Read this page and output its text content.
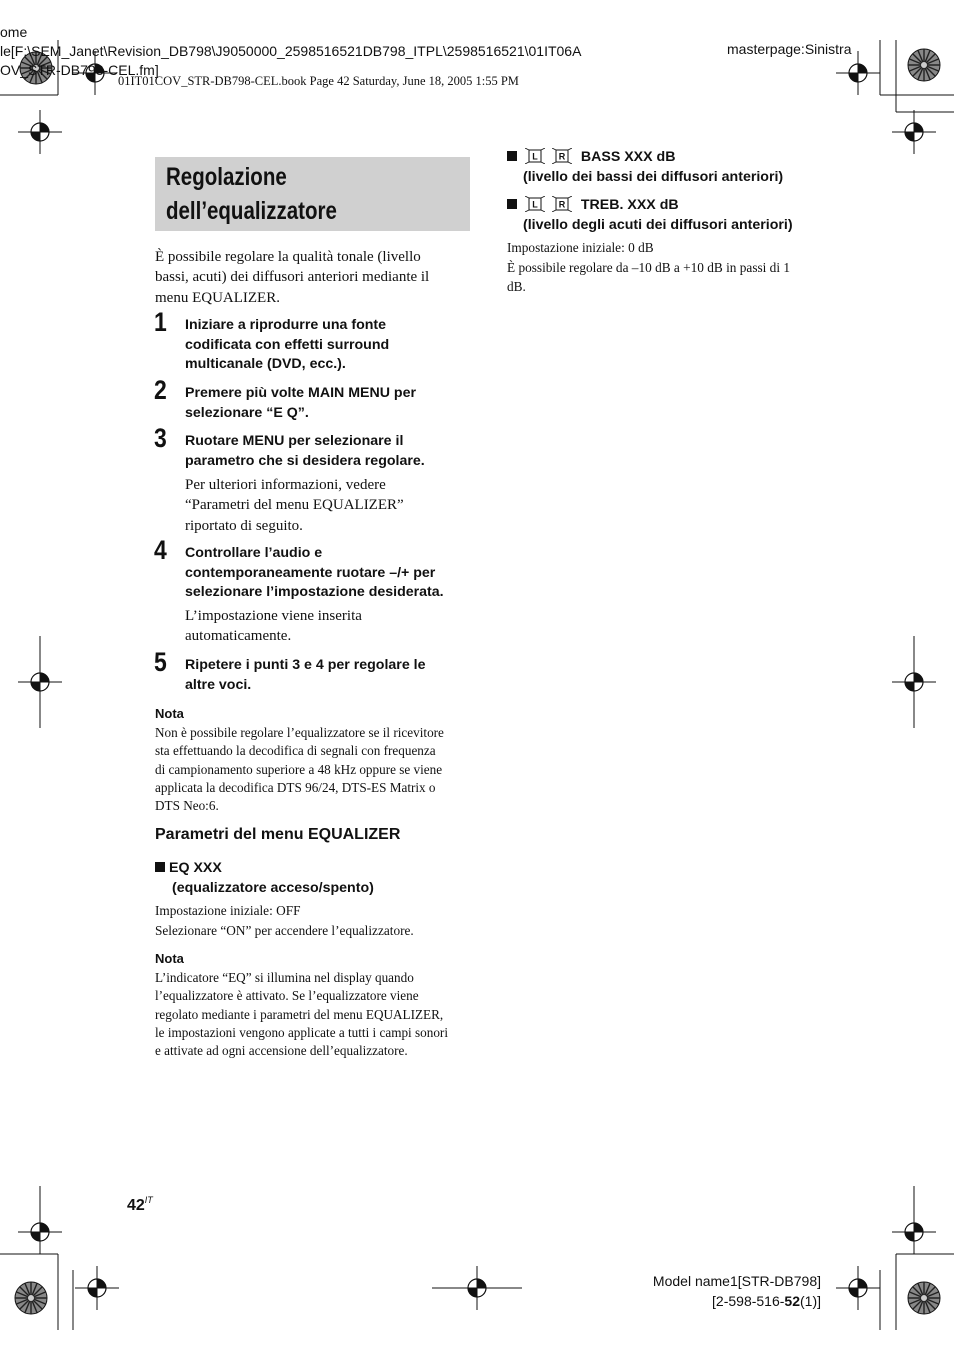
ome
le[F:\SEM_Janet\Revision_DB798\J9050000_2598516521DB798_ITPL\2598516521\01IT06A
OV_STR-DB798-CEL.fm]
01IT01COV_STR-DB798-CEL.book Page 42 Saturday, June 18, 2005 1:55 PM
masterpage:Sinistra
Regolazione
dell’equalizzatore
È possibile regolare la qualità tonale (livello
bassi, acuti) dei diffusori anteriori mediante il
menu EQUALIZER.
1 Iniziare a riprodurre una fonte
codificata con effetti surround
multicanale (DVD, ecc.).
2 Premere più volte MAIN MENU per
selezionare “E Q”.
3 Ruotare MENU per selezionare il
parametro che si desidera regolare.
Per ulteriori informazioni, vedere
“Parametri del menu EQUALIZER”
riportato di seguito.
4 Controllare l’audio e
contemporaneamente ruotare –/+ per
selezionare l’impostazione desiderata.
L’impostazione viene inserita
automaticamente.
5 Ripetere i punti 3 e 4 per regolare le
altre voci.
Nota
Non è possibile regolare l’equalizzatore se il ricevitore
sta effettuando la decodifica di segnali con frequenza
di campionamento superiore a 48 kHz oppure se viene
applicata la decodifica DTS 96/24, DTS-ES Matrix o
DTS Neo:6.
Parametri del menu EQUALIZER
EQ XXX
(equalizzatore acceso/spento)
Impostazione iniziale: OFF
Selezionare “ON” per accendere l’equalizzatore.
Nota
L’indicatore “EQ” si illumina nel display quando
l’equalizzatore è attivato. Se l’equalizzatore viene
regolato mediante i parametri del menu EQUALIZER,
le impostazioni vengono applicate a tutti i campi sonori
e attivate ad ogni accensione dell’equalizzatore.

L
R BASS XXX dB
(livello dei bassi dei diffusori anteriori)

L
R TREB. XXX dB
(livello degli acuti dei diffusori anteriori)
Impostazione iniziale: 0 dB
È possibile regolare da –10 dB a +10 dB in passi di 1
dB.
$42^{IT}$
Model name1[STR-DB798]
[2-598-516-52(1)]
